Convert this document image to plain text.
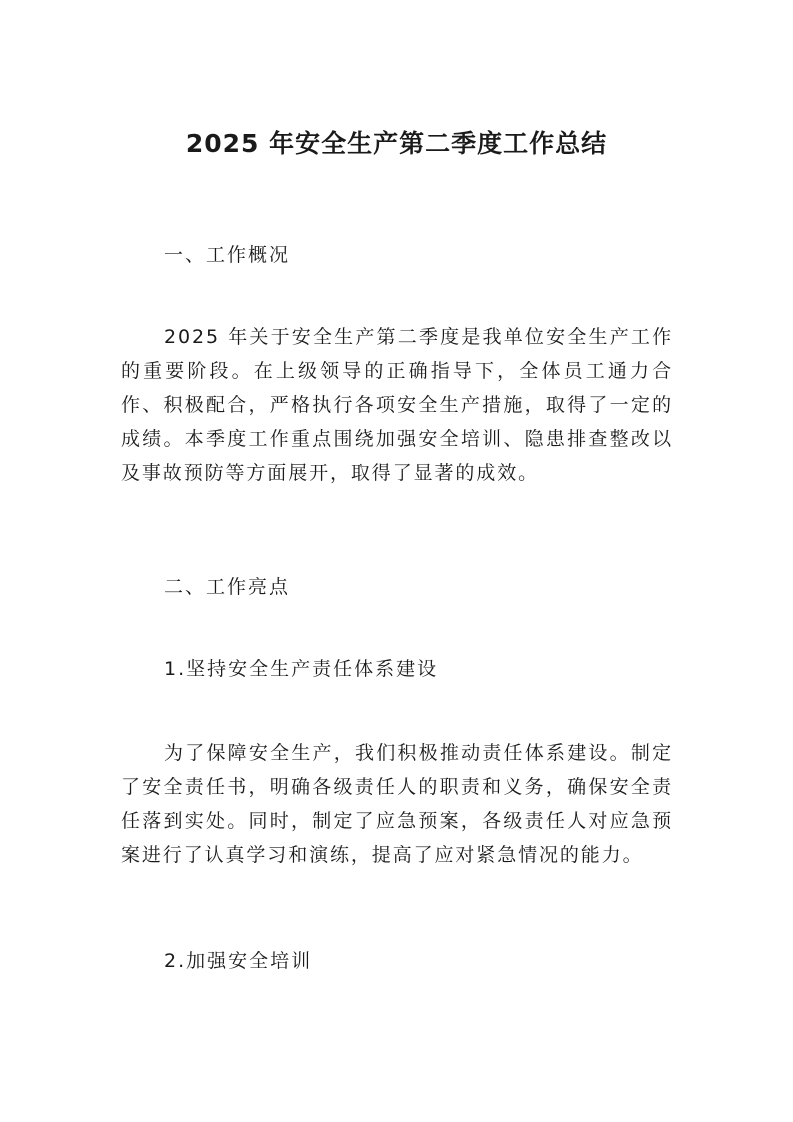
2025 年安全生产第二季度工作总结

一、工作概况

2025 年关于安全生产第二季度是我单位安全生产工作的重要阶段。在上级领导的正确指导下，全体员工通力合作、积极配合，严格执行各项安全生产措施，取得了一定的成绩。本季度工作重点围绕加强安全培训、隐患排查整改以及事故预防等方面展开，取得了显著的成效。

二、工作亮点

1.坚持安全生产责任体系建设

为了保障安全生产，我们积极推动责任体系建设。制定了安全责任书，明确各级责任人的职责和义务，确保安全责任落到实处。同时，制定了应急预案，各级责任人对应急预案进行了认真学习和演练，提高了应对紧急情况的能力。

2.加强安全培训
